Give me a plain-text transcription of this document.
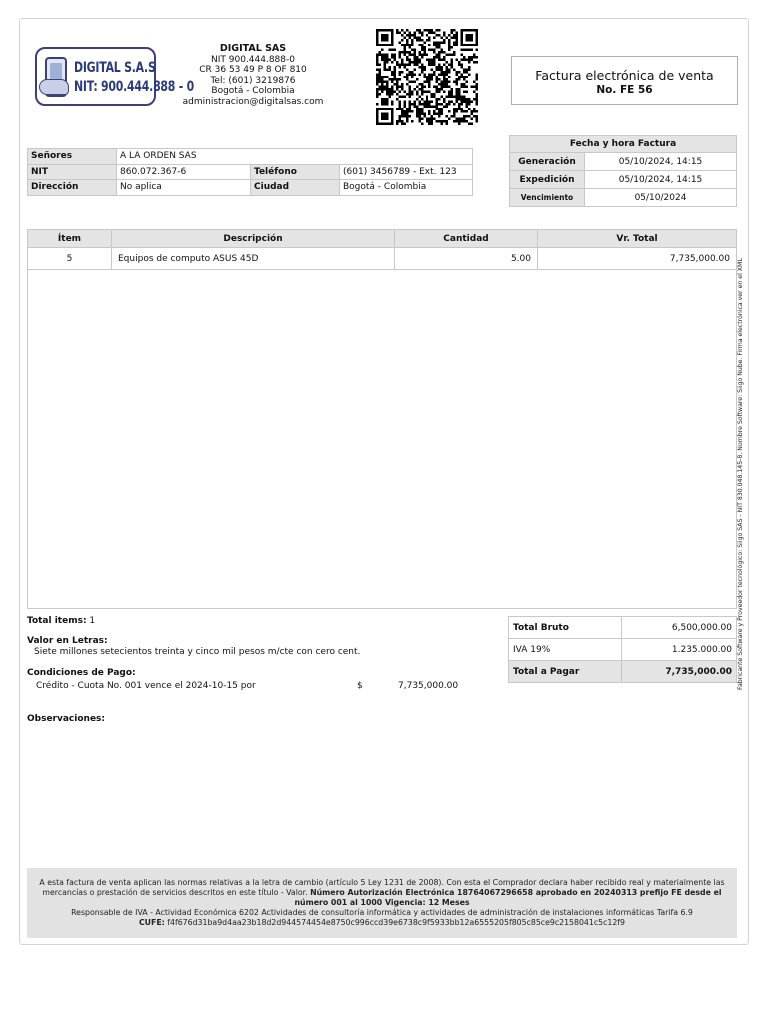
DIGITAL S.A.S
NIT: 900.444.888 - 0
DIGITAL SAS
NIT 900.444.888-0
CR 36 53 49 P 8 OF 810
Tel: (601) 3219876
Bogotá - Colombia
administracion@digitalsas.com
Factura electrónica de venta
No. FE 56
Señores	A LA ORDEN SAS		
NIT	860.072.367-6	Teléfono	(601) 3456789 - Ext. 123
Dirección	No aplica	Ciudad	Bogotá - Colombia
Fecha y hora Factura	
Generación	05/10/2024, 14:15
Expedición	05/10/2024, 14:15
Vencimiento	05/10/2024
Ítem	Descripción	Cantidad	Vr. Total
5	Equipos de computo ASUS 45D	5.00	7,735,000.00 Fabricante Software y Proveedor tecnológico: Siigo SAS - NIT 830.048.145-8. Nombre Software: Siigo Nube. Firma electrónica ver en el XML
Total items: 1
Valor en Letras:
Siete millones setecientos treinta y cinco mil pesos m/cte con cero cent.
Condiciones de Pago:
Crédito - Cuota No. 001 vence el 2024-10-15 por	$	7,735,000.00
Observaciones:
Total Bruto	6,500,000.00
IVA 19%	1.235.000.00
Total a Pagar	7,735,000.00
A esta factura de venta aplican las normas relativas a la letra de cambio (artículo 5 Ley 1231 de 2008). Con esta el Comprador declara haber recibido real y materialmente las mercancías o prestación de servicios descritos en este título - Valor. Número Autorización Electrónica 18764067296658 aprobado en 20240313 prefijo FE desde el número 001 al 1000 Vigencia: 12 Meses
Responsable de IVA - Actividad Económica 6202 Actividades de consultoría informática y actividades de administración de instalaciones informáticas Tarifa 6.9
CUFE: f4f676d31ba9d4aa23b18d2d944574454e8750c996ccd39e6738c9f5933bb12a6555205f805c85ce9c2158041c5c12f9
